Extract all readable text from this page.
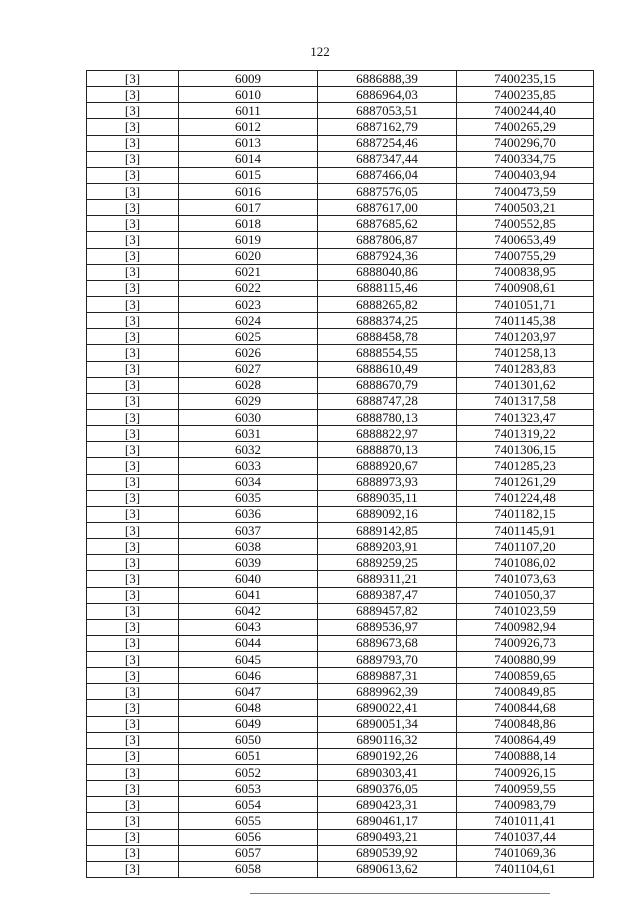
122
[3]	6009	6886888,39	7400235,15
[3]	6010	6886964,03	7400235,85
[3]	6011	6887053,51	7400244,40
[3]	6012	6887162,79	7400265,29
[3]	6013	6887254,46	7400296,70
[3]	6014	6887347,44	7400334,75
[3]	6015	6887466,04	7400403,94
[3]	6016	6887576,05	7400473,59
[3]	6017	6887617,00	7400503,21
[3]	6018	6887685,62	7400552,85
[3]	6019	6887806,87	7400653,49
[3]	6020	6887924,36	7400755,29
[3]	6021	6888040,86	7400838,95
[3]	6022	6888115,46	7400908,61
[3]	6023	6888265,82	7401051,71
[3]	6024	6888374,25	7401145,38
[3]	6025	6888458,78	7401203,97
[3]	6026	6888554,55	7401258,13
[3]	6027	6888610,49	7401283,83
[3]	6028	6888670,79	7401301,62
[3]	6029	6888747,28	7401317,58
[3]	6030	6888780,13	7401323,47
[3]	6031	6888822,97	7401319,22
[3]	6032	6888870,13	7401306,15
[3]	6033	6888920,67	7401285,23
[3]	6034	6888973,93	7401261,29
[3]	6035	6889035,11	7401224,48
[3]	6036	6889092,16	7401182,15
[3]	6037	6889142,85	7401145,91
[3]	6038	6889203,91	7401107,20
[3]	6039	6889259,25	7401086,02
[3]	6040	6889311,21	7401073,63
[3]	6041	6889387,47	7401050,37
[3]	6042	6889457,82	7401023,59
[3]	6043	6889536,97	7400982,94
[3]	6044	6889673,68	7400926,73
[3]	6045	6889793,70	7400880,99
[3]	6046	6889887,31	7400859,65
[3]	6047	6889962,39	7400849,85
[3]	6048	6890022,41	7400844,68
[3]	6049	6890051,34	7400848,86
[3]	6050	6890116,32	7400864,49
[3]	6051	6890192,26	7400888,14
[3]	6052	6890303,41	7400926,15
[3]	6053	6890376,05	7400959,55
[3]	6054	6890423,31	7400983,79
[3]	6055	6890461,17	7401011,41
[3]	6056	6890493,21	7401037,44
[3]	6057	6890539,92	7401069,36
[3]	6058	6890613,62	7401104,61
